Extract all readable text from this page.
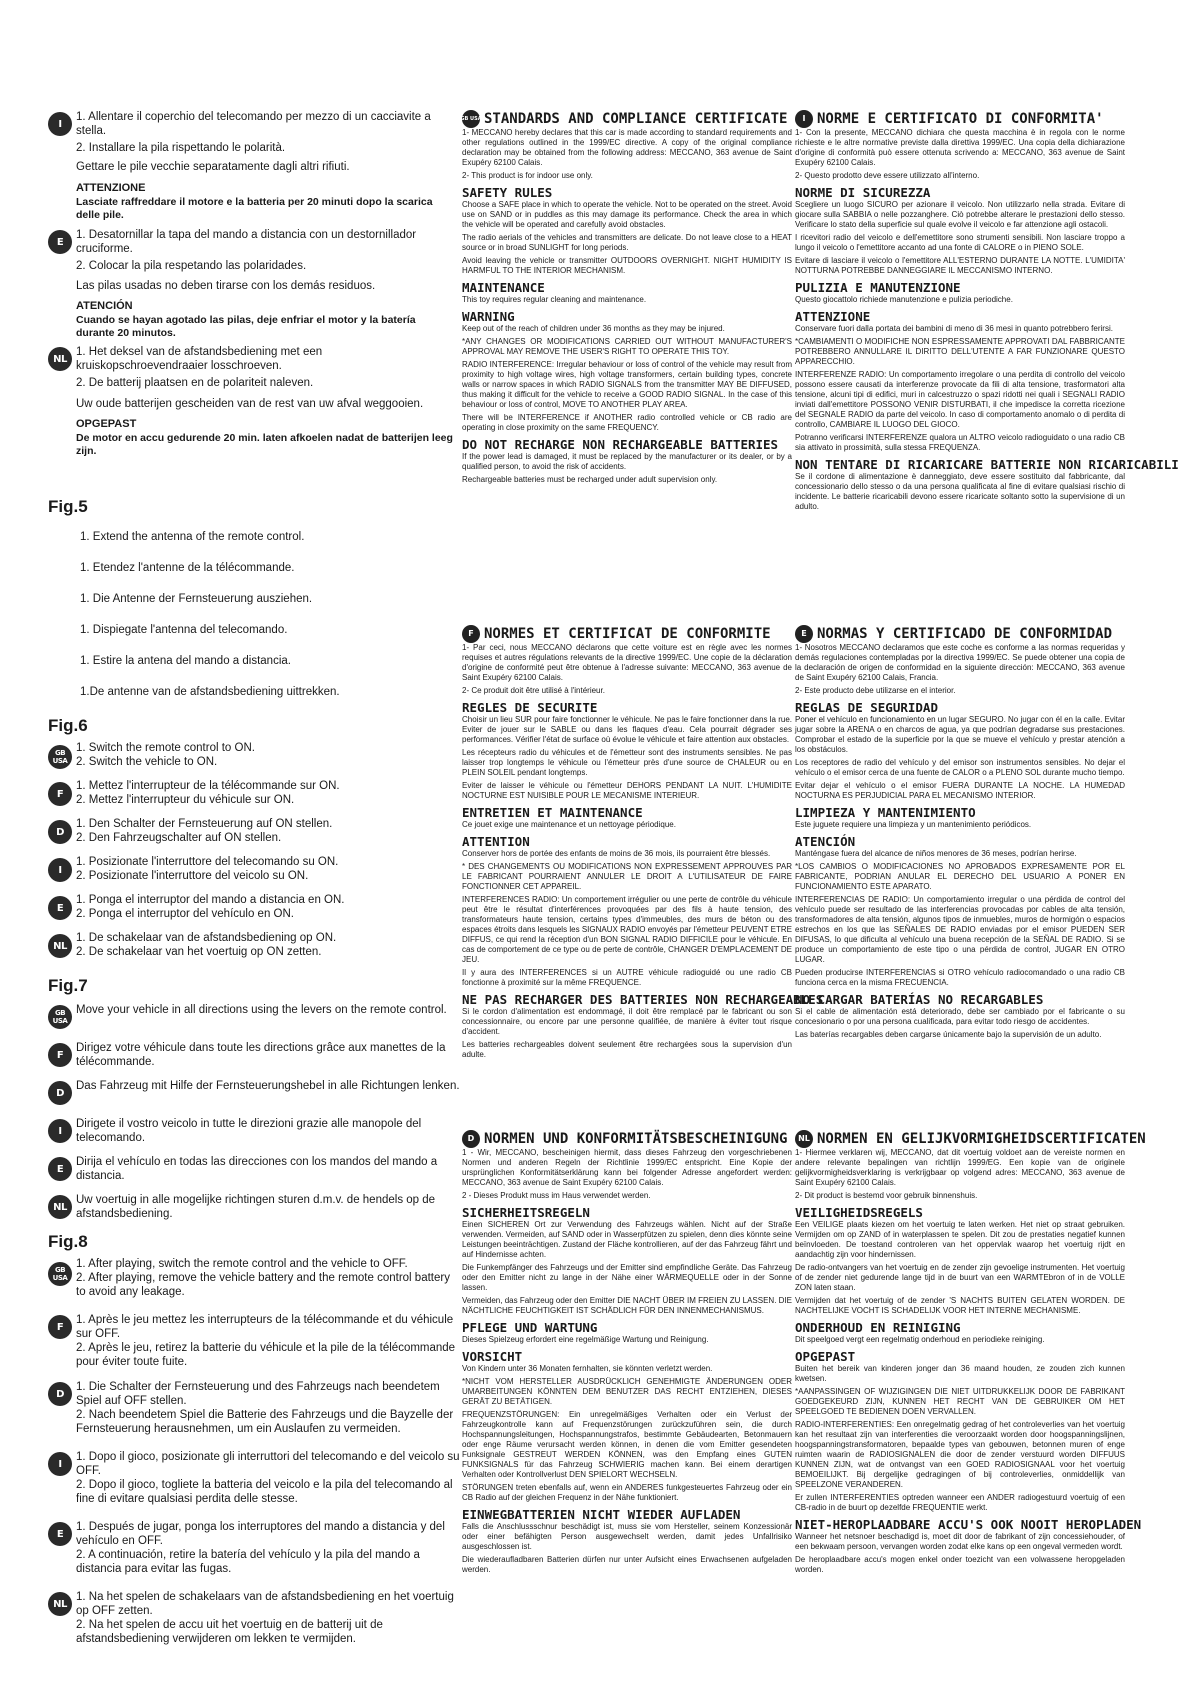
I
1. Allentare il coperchio del telecomando per mezzo di un cacciavite a stella.
2. Installare la pila rispettando le polarità.
Gettare le pile vecchie separatamente dagli altri rifiuti.
ATTENZIONE
Lasciate raffreddare il motore e la batteria per 20 minuti dopo la scarica delle pile.
E
1. Desatornillar la tapa del mando a distancia con un destornillador cruciforme.
2. Colocar la pila respetando las polaridades.
Las pilas usadas no deben tirarse con los demás residuos.
ATENCIÓN
Cuando se hayan agotado las pilas, deje enfriar el motor y la batería durante 20 minutos.
NL
1. Het deksel van de afstandsbediening met een kruiskopschroevendraaier losschroeven.
2. De batterij plaatsen en de polariteit naleven.
Uw oude batterijen gescheiden van de rest van uw afval weggooien.
OPGEPAST
De motor en accu gedurende 20 min. laten afkoelen nadat de batterijen leeg zijn.
Fig.5
1. Extend the antenna of the remote control.
1. Etendez l'antenne de la télécommande.
1. Die Antenne der Fernsteuerung ausziehen.
1. Dispiegate l'antenna del telecomando.
1. Estire la antena del mando a distancia.
1.De antenne van de afstandsbediening uittrekken.
Fig.6
GB USA
1. Switch the remote control to ON.
2. Switch the vehicle to ON.
F
1. Mettez l'interrupteur de la télécommande sur ON.
2. Mettez l'interrupteur du véhicule sur ON.
D
1. Den Schalter der Fernsteuerung auf ON stellen.
2. Den Fahrzeugschalter auf ON stellen.
I
1. Posizionate l'interruttore del telecomando su ON.
2. Posizionate l'interruttore del veicolo su ON.
E
1. Ponga el interruptor del mando a distancia en ON.
2. Ponga el interruptor del vehículo en ON.
NL
1. De schakelaar van de afstandsbediening op ON.
2. De schakelaar van het voertuig op ON zetten.
Fig.7
GB USA
Move your vehicle in all directions using the levers on the remote control.
F
Dirigez votre véhicule dans toute les directions grâce aux manettes de la télécommande.
D
Das Fahrzeug mit Hilfe der Fernsteuerungshebel in alle Richtungen lenken.
I
Dirigete il vostro veicolo in tutte le direzioni grazie alle manopole del telecomando.
E
Dirija el vehículo en todas las direcciones con los mandos del mando a distancia.
NL
Uw voertuig in alle mogelijke richtingen sturen d.m.v. de hendels op de afstandsbediening.
Fig.8
GB USA
1. After playing, switch the remote control and the vehicle to OFF.
2. After playing, remove the vehicle battery and the remote control battery to avoid any leakage.
F
1. Après le jeu mettez les interrupteurs de la télécommande et du véhicule sur OFF.
2. Après le jeu, retirez la batterie du véhicule et la pile de la télécommande pour éviter toute fuite.
D
1. Die Schalter der Fernsteuerung und des Fahrzeugs nach beendetem Spiel auf OFF stellen.
2. Nach beendetem Spiel die Batterie des Fahrzeugs und die Bayzelle der Fernsteuerung herausnehmen, um ein Auslaufen zu vermeiden.
I
1. Dopo il gioco, posizionate gli interruttori del telecomando e del veicolo su OFF.
2. Dopo il gioco, togliete la batteria del veicolo e la pila del telecomando al fine di evitare qualsiasi perdita delle stesse.
E
1. Después de jugar, ponga los interruptores del mando a distancia y del vehículo en OFF.
2. A continuación, retire la batería del vehículo y la pila del mando a distancia para evitar las fugas.
NL
1. Na het spelen de schakelaars van de afstandsbediening en het voertuig op OFF zetten.
2. Na het spelen de accu uit het voertuig en de batterij uit de afstandsbediening verwijderen om lekken te vermijden.
GB USA STANDARDS AND COMPLIANCE CERTIFICATE

1- MECCANO hereby declares that this car is made according to standard requirements and other regulations outlined in the 1999/EC directive. A copy of the original compliance declaration may be obtained from the following address: MECCANO, 363 avenue de Saint Exupéry 62100 Calais.

2- This product is for indoor use only.

SAFETY RULES

Choose a SAFE place in which to operate the vehicle. Not to be operated on the street. Avoid use on SAND or in puddles as this may damage its performance. Check the area in which the vehicle will be operated and carefully avoid obstacles.

The radio aerials of the vehicles and transmitters are delicate. Do not leave close to a HEAT source or in broad SUNLIGHT for long periods.

Avoid leaving the vehicle or transmitter OUTDOORS OVERNIGHT. NIGHT HUMIDITY IS HARMFUL TO THE INTERIOR MECHANISM.

MAINTENANCE

This toy requires regular cleaning and maintenance.

WARNING

Keep out of the reach of children under 36 months as they may be injured.

*ANY CHANGES OR MODIFICATIONS CARRIED OUT WITHOUT MANUFACTURER'S APPROVAL MAY REMOVE THE USER'S RIGHT TO OPERATE THIS TOY.

RADIO INTERFERENCE: Irregular behaviour or loss of control of the vehicle may result from proximity to high voltage wires, high voltage transformers, certain building types, concrete walls or narrow spaces in which RADIO SIGNALS from the transmitter MAY BE DIFFUSED, thus making it difficult for the vehicle to receive a GOOD RADIO SIGNAL. In the case of this behaviour or loss of control, MOVE TO ANOTHER PLAY AREA.

There will be INTERFERENCE if ANOTHER radio controlled vehicle or CB radio are operating in close proximity on the same FREQUENCY.

DO NOT RECHARGE NON RECHARGEABLE BATTERIES

If the power lead is damaged, it must be replaced by the manufacturer or its dealer, or by a qualified person, to avoid the risk of accidents.

Rechargeable batteries must be recharged under adult supervision only.

I NORME E CERTIFICATO DI CONFORMITA'

1- Con la presente, MECCANO dichiara che questa macchina è in regola con le norme richieste e le altre normative previste dalla direttiva 1999/EC. Una copia della dichiarazione d'origine di conformità può essere ottenuta scrivendo a: MECCANO, 363 avenue de Saint Exupéry 62100 Calais.

2- Questo prodotto deve essere utilizzato all'interno.

NORME DI SICUREZZA

Scegliere un luogo SICURO per azionare il veicolo. Non utilizzarlo nella strada. Evitare di giocare sulla SABBIA o nelle pozzanghere. Ciò potrebbe alterare le prestazioni dello stesso. Verificare lo stato della superficie sul quale evolve il veicolo e far attenzione agli ostacoli.

I ricevitori radio del veicolo e dell'emettitore sono strumenti sensibili. Non lasciare troppo a lungo il veicolo o l'emettitore accanto ad una fonte di CALORE o in PIENO SOLE.

Evitare di lasciare il veicolo o l'emettitore ALL'ESTERNO DURANTE LA NOTTE. L'UMIDITA' NOTTURNA POTREBBE DANNEGGIARE IL MECCANISMO INTERNO.

PULIZIA E MANUTENZIONE

Questo giocattolo richiede manutenzione e pulizia periodiche.

ATTENZIONE

Conservare fuori dalla portata dei bambini di meno di 36 mesi in quanto potrebbero ferirsi.

*CAMBIAMENTI O MODIFICHE NON ESPRESSAMENTE APPROVATI DAL FABBRICANTE POTREBBERO ANNULLARE IL DIRITTO DELL'UTENTE A FAR FUNZIONARE QUESTO APPARECCHIO.

INTERFERENZE RADIO: Un comportamento irregolare o una perdita di controllo del veicolo possono essere causati da interferenze provocate da fili di alta tensione, trasformatori alta tensione, alcuni tipi di edifici, muri in calcestruzzo o spazi ridotti nei quali i SEGNALI RADIO inviati dall'emettitore POSSONO VENIR DISTURBATI, il che impedisce la corretta ricezione del SEGNALE RADIO da parte del veicolo. In caso di comportamento anomalo o di perdita di controllo, CAMBIARE IL LUOGO DEL GIOCO.

Potranno verificarsi INTERFERENZE qualora un ALTRO veicolo radioguidato o una radio CB sia attivato in prossimità, sulla stessa FREQUENZA.

NON TENTARE DI RICARICARE BATTERIE NON RICARICABILI

Se il cordone di alimentazione è danneggiato, deve essere sostituito dal fabbricante, dal concessionario dello stesso o da una persona qualificata al fine di evitare qualsiasi rischio di incidente. Le batterie ricaricabili devono essere ricaricate soltanto sotto la supervisione di un adulto.

F NORMES ET CERTIFICAT DE CONFORMITE

1- Par ceci, nous MECCANO déclarons que cette voiture est en règle avec les normes requises et autres régulations relevants de la directive 1999/EC. Une copie de la déclaration d'origine de conformité peut être obtenue à l'adresse suivante: MECCANO, 363 avenue de Saint Exupéry 62100 Calais.

2- Ce produit doit être utilisé à l'intérieur.

REGLES DE SECURITE

Choisir un lieu SUR pour faire fonctionner le véhicule. Ne pas le faire fonctionner dans la rue. Eviter de jouer sur le SABLE ou dans les flaques d'eau. Cela pourrait dégrader ses performances. Vérifier l'état de surface où évolue le véhicule et faire attention aux obstacles.

Les récepteurs radio du véhicules et de l'émetteur sont des instruments sensibles. Ne pas laisser trop longtemps le véhicule ou l'émetteur près d'une source de CHALEUR ou en PLEIN SOLEIL pendant longtemps.

Eviter de laisser le véhicule ou l'émetteur DEHORS PENDANT LA NUIT. L'HUMIDITE NOCTURNE EST NUISIBLE POUR LE MECANISME INTERIEUR.

ENTRETIEN ET MAINTENANCE

Ce jouet exige une maintenance et un nettoyage périodique.

ATTENTION

Conserver hors de portée des enfants de moins de 36 mois, ils pourraient être blessés.

* DES CHANGEMENTS OU MODIFICATIONS NON EXPRESSEMENT APPROUVES PAR LE FABRICANT POURRAIENT ANNULER LE DROIT A L'UTILISATEUR DE FAIRE FONCTIONNER CET APPAREIL.

INTERFERENCES RADIO: Un comportement irrégulier ou une perte de contrôle du véhicule peut être le résultat d'interférences provoquées par des fils à haute tension, des transformateurs haute tension, certains types d'immeubles, des murs de béton ou des espaces étroits dans lesquels les SIGNAUX RADIO envoyés par l'émetteur PEUVENT ETRE DIFFUS, ce qui rend la réception d'un BON SIGNAL RADIO DIFFICILE pour le véhicule. En cas de comportement de ce type ou de perte de contrôle, CHANGER D'EMPLACEMENT DE JEU.

Il y aura des INTERFERENCES si un AUTRE véhicule radioguidé ou une radio CB fonctionne à proximité sur la même FREQUENCE.

NE PAS RECHARGER DES BATTERIES NON RECHARGEABLES

Si le cordon d'alimentation est endommagé, il doit être remplacé par le fabricant ou son concessionnaire, ou encore par une personne qualifiée, de manière à éviter tout risque d'accident.

Les batteries rechargeables doivent seulement être rechargées sous la supervision d'un adulte.

E NORMAS Y CERTIFICADO DE CONFORMIDAD

1- Nosotros MECCANO declaramos que este coche es conforme a las normas requeridas y demás regulaciones contempladas por la directiva 1999/EC. Se puede obtener una copia de la declaración de origen de conformidad en la siguiente dirección: MECCANO, 363 avenue de Saint Exupéry 62100 Calais, Francia.

2- Este producto debe utilizarse en el interior.

REGLAS DE SEGURIDAD

Poner el vehículo en funcionamiento en un lugar SEGURO. No jugar con él en la calle. Evitar jugar sobre la ARENA o en charcos de agua, ya que podrían degradarse sus prestaciones. Comprobar el estado de la superficie por la que se mueve el vehículo y prestar atención a los obstáculos.

Los receptores de radio del vehículo y del emisor son instrumentos sensibles. No dejar el vehículo o el emisor cerca de una fuente de CALOR o a PLENO SOL durante mucho tiempo.

Evitar dejar el vehículo o el emisor FUERA DURANTE LA NOCHE. LA HUMEDAD NOCTURNA ES PERJUDICIAL PARA EL MECANISMO INTERIOR.

LIMPIEZA Y MANTENIMIENTO

Este juguete requiere una limpieza y un mantenimiento periódicos.

ATENCIÓN

Manténgase fuera del alcance de niños menores de 36 meses, podrían herirse.

*LOS CAMBIOS O MODIFICACIONES NO APROBADOS EXPRESAMENTE POR EL FABRICANTE, PODRIAN ANULAR EL DERECHO DEL USUARIO A PONER EN FUNCIONAMIENTO ESTE APARATO.

INTERFERENCIAS DE RADIO: Un comportamiento irregular o una pérdida de control del vehículo puede ser resultado de las interferencias provocadas por cables de alta tensión, transformadores de alta tensión, algunos tipos de inmuebles, muros de hormigón o espacios estrechos en los que las SEÑALES DE RADIO enviadas por el emisor PUEDEN SER DIFUSAS, lo que dificulta al vehículo una buena recepción de la SEÑAL DE RADIO. Si se produce un comportamiento de este tipo o una pérdida de control, JUGAR EN OTRO LUGAR.

Pueden producirse INTERFERENCIAS si OTRO vehículo radiocomandado o una radio CB funciona cerca en la misma FRECUENCIA.

NO CARGAR BATERÍAS NO RECARGABLES

Si el cable de alimentación está deteriorado, debe ser cambiado por el fabricante o su concesionario o por una persona cualificada, para evitar todo riesgo de accidentes.

Las baterías recargables deben cargarse únicamente bajo la supervisión de un adulto.

D NORMEN UND KONFORMITÄTSBESCHEINIGUNG

1 - Wir, MECCANO, bescheinigen hiermit, dass dieses Fahrzeug den vorgeschriebenen Normen und anderen Regeln der Richtlinie 1999/EC entspricht. Eine Kopie der ursprünglichen Konformitätserklärung kann bei folgender Adresse angefordert werden: MECCANO, 363 avenue de Saint Exupéry 62100 Calais.

2 - Dieses Produkt muss im Haus verwendet werden.

SICHERHEITSREGELN

Einen SICHEREN Ort zur Verwendung des Fahrzeugs wählen. Nicht auf der Straße verwenden. Vermeiden, auf SAND oder in Wasserpfützen zu spielen, denn dies könnte seine Leistungen beeinträchtigen. Zustand der Fläche kontrollieren, auf der das Fahrzeug fährt und auf Hindernisse achten.

Die Funkempfänger des Fahrzeugs und der Emitter sind empfindliche Geräte. Das Fahrzeug oder den Emitter nicht zu lange in der Nähe einer WÄRMEQUELLE oder in der Sonne lassen.

Vermeiden, das Fahrzeug oder den Emitter DIE NACHT ÜBER IM FREIEN ZU LASSEN. DIE NÄCHTLICHE FEUCHTIGKEIT IST SCHÄDLICH FÜR DEN INNENMECHANISMUS.

PFLEGE UND WARTUNG

Dieses Spielzeug erfordert eine regelmäßige Wartung und Reinigung.

VORSICHT

Von Kindern unter 36 Monaten fernhalten, sie könnten verletzt werden.

*NICHT VOM HERSTELLER AUSDRÜCKLICH GENEHMIGTE ÄNDERUNGEN ODER UMARBEITUNGEN KÖNNTEN DEM BENUTZER DAS RECHT ENTZIEHEN, DIESES GERÄT ZU BETÄTIGEN.

FREQUENZSTÖRUNGEN: Ein unregelmäßiges Verhalten oder ein Verlust der Fahrzeugkontrolle kann auf Frequenzstörungen zurückzuführen sein, die durch Hochspannungsleitungen, Hochspannungstrafos, bestimmte Gebäudearten, Betonmauern oder enge Räume verursacht werden können, in denen die vom Emitter gesendeten Funksignale GESTREUT WERDEN KÖNNEN, was den Empfang eines GUTEN FUNKSIGNALS für das Fahrzeug SCHWIERIG machen kann. Bei einem derartigen Verhalten oder Kontrollverlust DEN SPIELORT WECHSELN.

STÖRUNGEN treten ebenfalls auf, wenn ein ANDERES funkgesteuertes Fahrzeug oder ein CB Radio auf der gleichen Frequenz in der Nähe funktioniert.

EINWEGBATTERIEN NICHT WIEDER AUFLADEN

Falls die Anschlussschnur beschädigt ist, muss sie vom Hersteller, seinem Konzessionär oder einer befähigten Person ausgewechselt werden, damit jedes Unfallrisiko ausgeschlossen ist.

Die wiederaufladbaren Batterien dürfen nur unter Aufsicht eines Erwachsenen aufgeladen werden.

NL NORMEN EN GELIJKVORMIGHEIDSCERTIFICATEN

1- Hiermee verklaren wij, MECCANO, dat dit voertuig voldoet aan de vereiste normen en andere relevante bepalingen van richtlijn 1999/EG. Een kopie van de originele gelijkvormigheidsverklaring is verkrijgbaar op volgend adres: MECCANO, 363 avenue de Saint Exupéry 62100 Calais.

2- Dit product is bestemd voor gebruik binnenshuis.

VEILIGHEIDSREGELS

Een VEILIGE plaats kiezen om het voertuig te laten werken. Het niet op straat gebruiken. Vermijden om op ZAND of in waterplassen te spelen. Dit zou de prestaties negatief kunnen beïnvloeden. De toestand controleren van het oppervlak waarop het voertuig rijdt en aandachtig zijn voor hindernissen.

De radio-ontvangers van het voertuig en de zender zijn gevoelige instrumenten. Het voertuig of de zender niet gedurende lange tijd in de buurt van een WARMTEbron of in de VOLLE ZON laten staan.

Vermijden dat het voertuig of de zender 'S NACHTS BUITEN GELATEN WORDEN. DE NACHTELIJKE VOCHT IS SCHADELIJK VOOR HET INTERNE MECHANISME.

ONDERHOUD EN REINIGING

Dit speelgoed vergt een regelmatig onderhoud en periodieke reiniging.

OPGEPAST

Buiten het bereik van kinderen jonger dan 36 maand houden, ze zouden zich kunnen kwetsen.

*AANPASSINGEN OF WIJZIGINGEN DIE NIET UITDRUKKELIJK DOOR DE FABRIKANT GOEDGEKEURD ZIJN, KUNNEN HET RECHT VAN DE GEBRUIKER OM HET SPEELGOED TE BEDIENEN DOEN VERVALLEN.

RADIO-INTERFERENTIES: Een onregelmatig gedrag of het controleverlies van het voertuig kan het resultaat zijn van interferenties die veroorzaakt worden door hoogspanningslijnen, hoogspanningstransformatoren, bepaalde types van gebouwen, betonnen muren of enge ruimten waarin de RADIOSIGNALEN die door de zender verstuurd worden DIFFUUS KUNNEN ZIJN, wat de ontvangst van een GOED RADIOSIGNAAL voor het voertuig BEMOEILIJKT. Bij dergelijke gedragingen of bij controleverlies, onmiddellijk van SPEELZONE VERANDEREN.

Er zullen INTERFERENTIES optreden wanneer een ANDER radiogestuurd voertuig of een CB-radio in de buurt op dezelfde FREQUENTIE werkt.

NIET-HEROPLAADBARE ACCU'S OOK NOOIT HEROPLADEN

Wanneer het netsnoer beschadigd is, moet dit door de fabrikant of zijn concessiehouder, of een bekwaam persoon, vervangen worden zodat elke kans op een ongeval vermeden wordt.

De heroplaadbare accu's mogen enkel onder toezicht van een volwassene heropgeladen worden.
